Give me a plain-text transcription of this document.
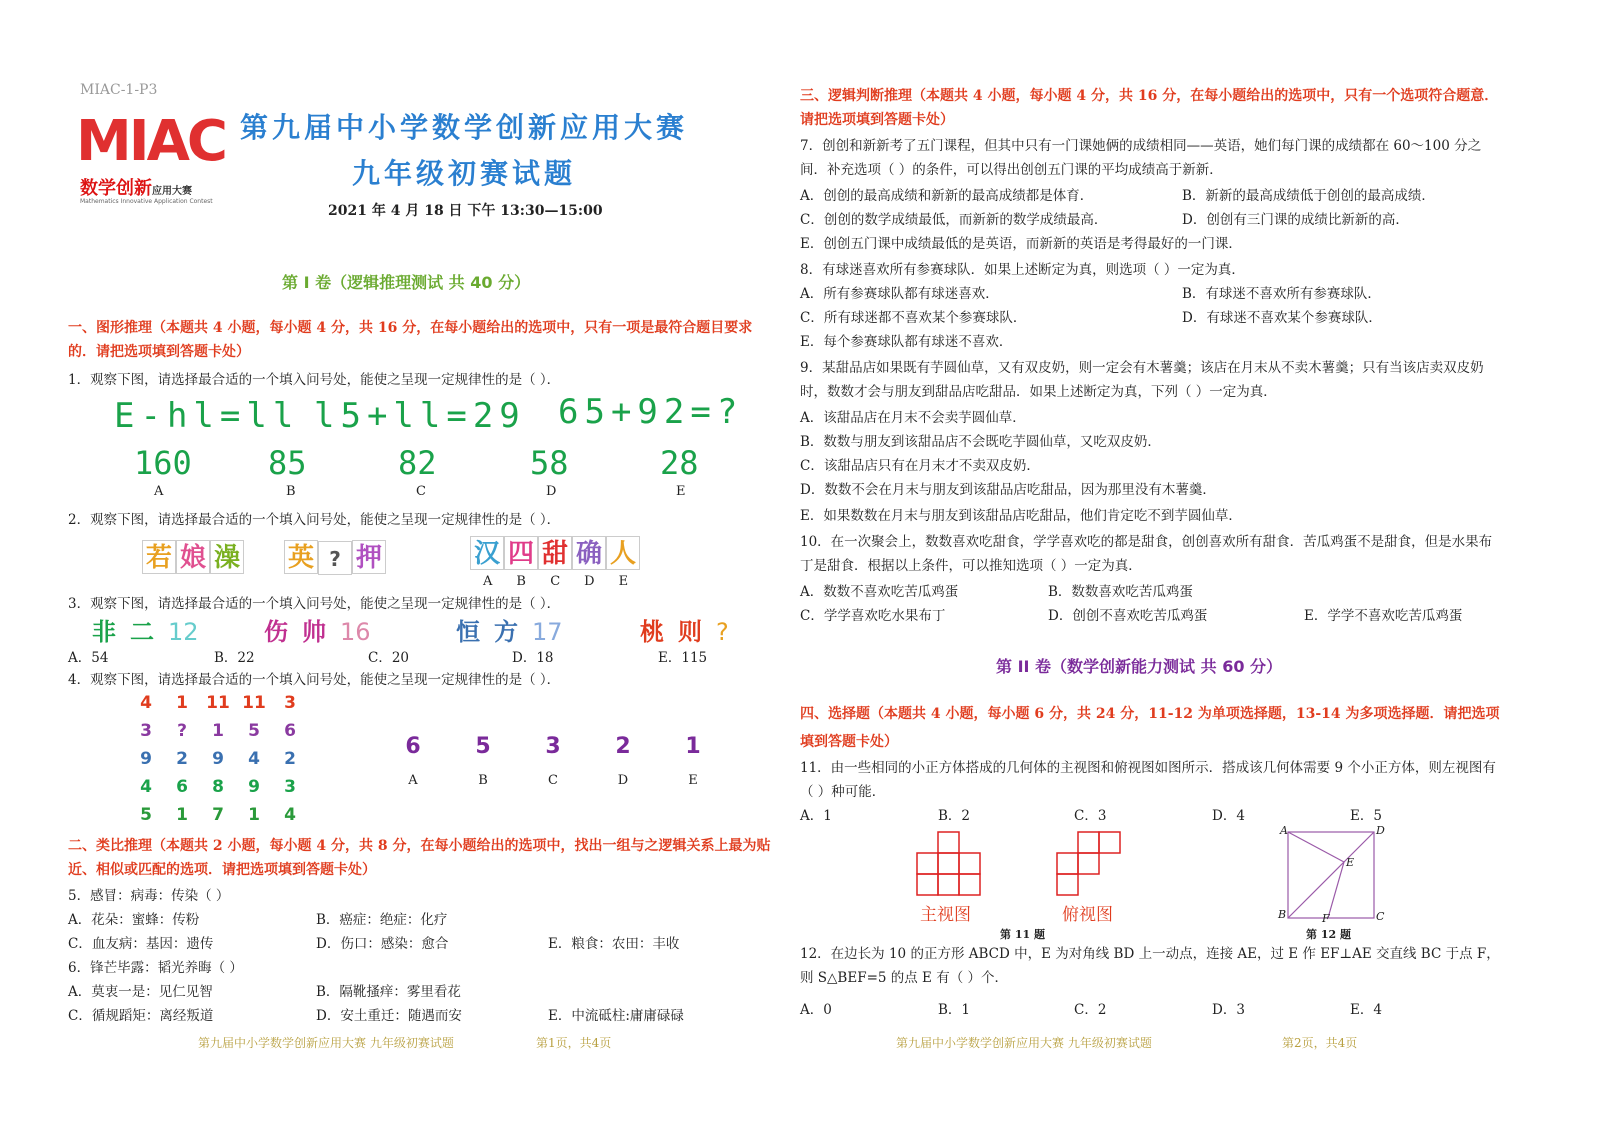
MIAC-1-P3
MIAC
数学创新应用大赛
Mathematics Innovative Application Contest
第九届中小学数学创新应用大赛
九年级初赛试题
2021 年 4 月 18 日 下午 13:30—15:00
第 I 卷（逻辑推理测试 共 40 分）
一、图形推理（本题共 4 小题，每小题 4 分，共 16 分，在每小题给出的选项中，只有一项是最符合题目要求的．请把选项填到答题卡处）
1．观察下图，请选择最合适的一个填入问号处，能使之呈现一定规律性的是（ ）．
E-hl=ll l5+ll=29 65+92=?
160 85	82	58	28
A	B	C	D	E
2．观察下图，请选择最合适的一个填入问号处，能使之呈现一定规律性的是（ ）．
若 娘 澡 英 ? 押	汉 四 甜 确 人
ABCDE
3．观察下图，请选择最合适的一个填入问号处，能使之呈现一定规律性的是（ ）．
非 二 12	伤 帅 16	恒 方 17	桃 则 ?
A．54	B．22	C．20	D．18	E．115
4．观察下图，请选择最合适的一个填入问号处，能使之呈现一定规律性的是（ ）．
4 1 11 11 3
3 ? 1 5 6
9 2 9 4 2
4 6 8 9 3
5 1 7 1 4
6 5 3 2 1
A	B	C	D	E
二、类比推理（本题共 2 小题，每小题 4 分，共 8 分，在每小题给出的选项中，找出一组与之逻辑关系上最为贴近、相似或匹配的选项．请把选项填到答题卡处）
5．感冒：病毒：传染（ ）
A．花朵：蜜蜂：传粉	B．癌症：绝症：化疗
C．血友病：基因：遗传	D．伤口：感染：愈合	E．粮食：农田：丰收
6．锋芒毕露：韬光养晦（ ）
A．莫衷一是：见仁见智	B．隔靴搔痒：雾里看花
C．循规蹈矩：离经叛道	D．安土重迁：随遇而安	E．中流砥柱:庸庸碌碌
第九届中小学数学创新应用大赛 九年级初赛试题	第1页，共4页
三、逻辑判断推理（本题共 4 小题，每小题 4 分，共 16 分，在每小题给出的选项中，只有一个选项符合题意．请把选项填到答题卡处）
7．创创和新新考了五门课程，但其中只有一门课她俩的成绩相同——英语，她们每门课的成绩都在 60～100 分之间．补充选项（ ）的条件，可以得出创创五门课的平均成绩高于新新．
A．创创的最高成绩和新新的最高成绩都是体育．	B．新新的最高成绩低于创创的最高成绩．
C．创创的数学成绩最低，而新新的数学成绩最高．	D．创创有三门课的成绩比新新的高．
E．创创五门课中成绩最低的是英语，而新新的英语是考得最好的一门课．
8．有球迷喜欢所有参赛球队．如果上述断定为真，则选项（ ）一定为真．
A．所有参赛球队都有球迷喜欢．	B．有球迷不喜欢所有参赛球队．
C．所有球迷都不喜欢某个参赛球队．	D．有球迷不喜欢某个参赛球队．
E．每个参赛球队都有球迷不喜欢．
9．某甜品店如果既有芋圆仙草，又有双皮奶，则一定会有木薯羹；该店在月末从不卖木薯羹；只有当该店卖双皮奶时，数数才会与朋友到甜品店吃甜品．如果上述断定为真，下列（ ）一定为真．
A．该甜品店在月末不会卖芋圆仙草．
B．数数与朋友到该甜品店不会既吃芋圆仙草，又吃双皮奶．
C．该甜品店只有在月末才不卖双皮奶．
D．数数不会在月末与朋友到该甜品店吃甜品，因为那里没有木薯羹．
E．如果数数在月末与朋友到该甜品店吃甜品，他们肯定吃不到芋圆仙草．
10．在一次聚会上，数数喜欢吃甜食，学学喜欢吃的都是甜食，创创喜欢所有甜食．苦瓜鸡蛋不是甜食，但是水果布丁是甜食．根据以上条件，可以推知选项（ ）一定为真．
A．数数不喜欢吃苦瓜鸡蛋	B．数数喜欢吃苦瓜鸡蛋
C．学学喜欢吃水果布丁	D．创创不喜欢吃苦瓜鸡蛋	E．学学不喜欢吃苦瓜鸡蛋
第 II 卷（数学创新能力测试 共 60 分）
四、选择题（本题共 4 小题，每小题 6 分，共 24 分，11-12 为单项选择题，13-14 为多项选择题．请把选项填到答题卡处）
11．由一些相同的小正方体搭成的几何体的主视图和俯视图如图所示．搭成该几何体需要 9 个小正方体，则左视图有（ ）种可能．
A．1	B．2	C．3	D．4	E．5
主视图	俯视图
第 11 题
A	D
E
B	F	C
第 12 题
12．在边长为 10 的正方形 ABCD 中，E 为对角线 BD 上一动点，连接 AE，过 E 作 EF⊥AE 交直线 BC 于点 F，则 S△BEF=5 的点 E 有（ ）个．
A．0	B．1	C．2	D．3	E．4
第九届中小学数学创新应用大赛 九年级初赛试题	第2页，共4页
